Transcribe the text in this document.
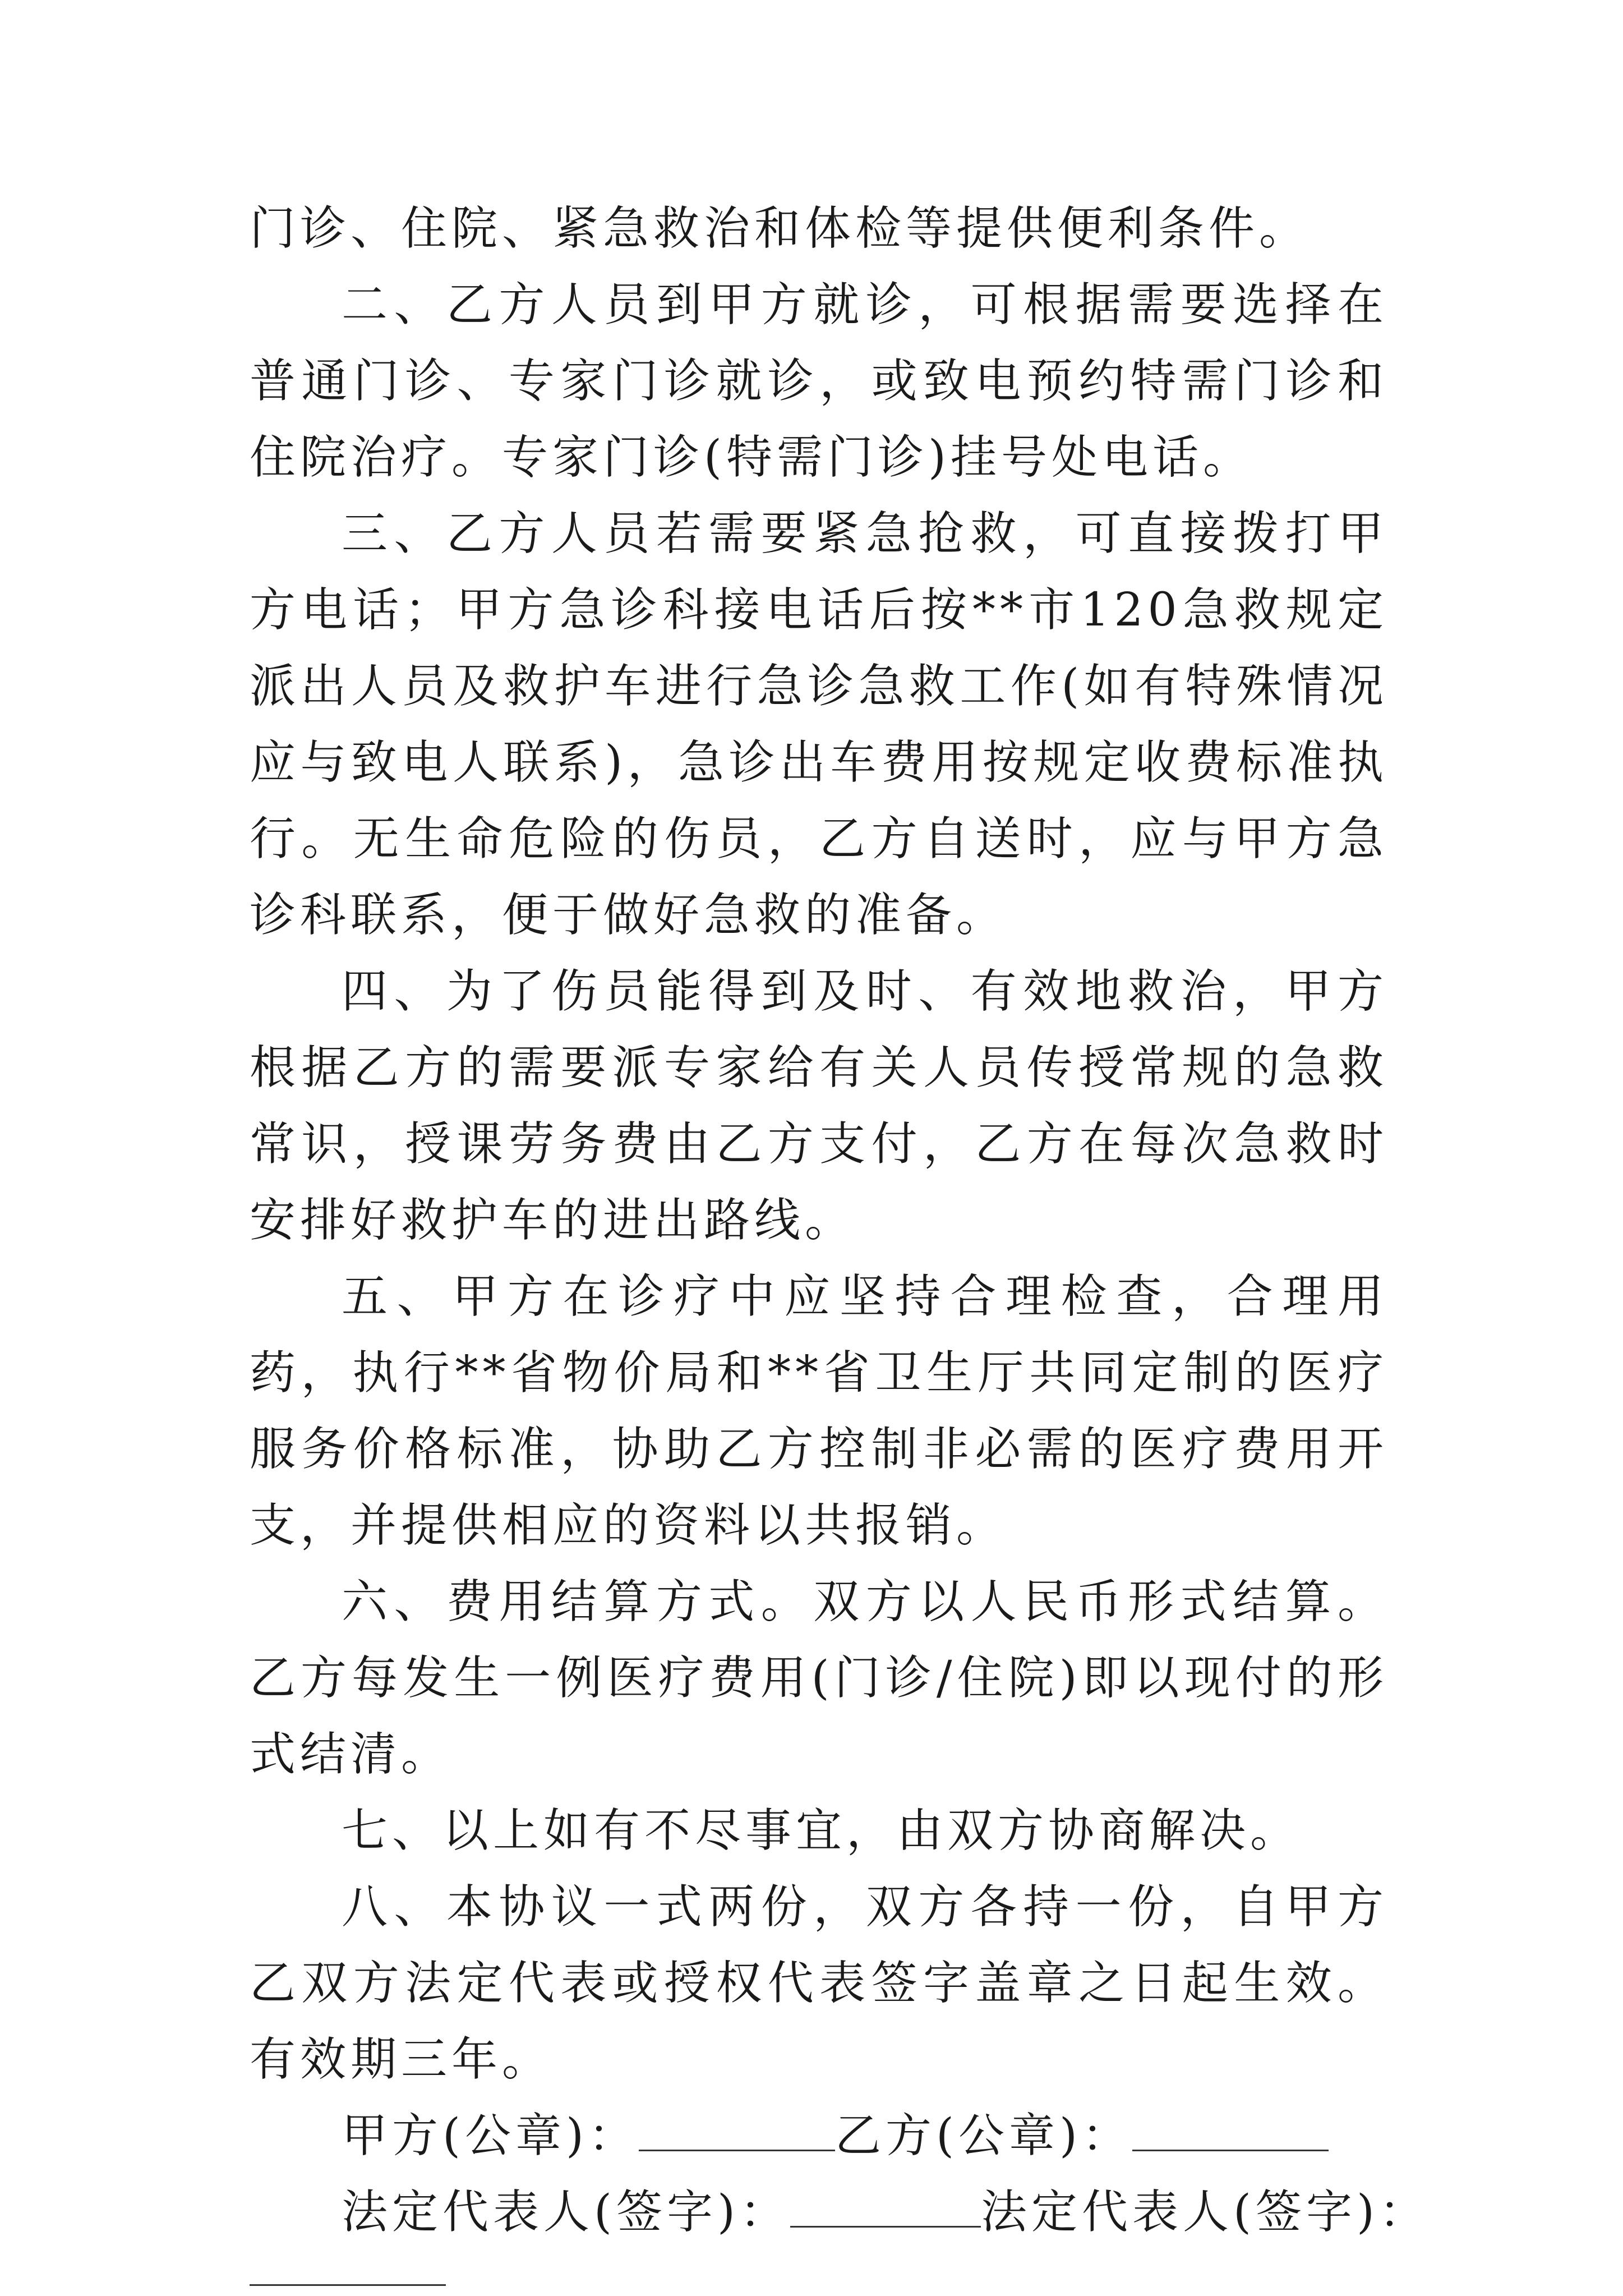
门诊、住院、紧急救治和体检等提供便利条件。

二、乙方人员到甲方就诊，可根据需要选择在普通门诊、专家门诊就诊，或致电预约特需门诊和住院治疗。专家门诊(特需门诊)挂号处电话。

三、乙方人员若需要紧急抢救，可直接拨打甲方电话；甲方急诊科接电话后按**市120急救规定派出人员及救护车进行急诊急救工作(如有特殊情况应与致电人联系)，急诊出车费用按规定收费标准执行。无生命危险的伤员，乙方自送时，应与甲方急诊科联系，便于做好急救的准备。

四、为了伤员能得到及时、有效地救治，甲方根据乙方的需要派专家给有关人员传授常规的急救常识，授课劳务费由乙方支付，乙方在每次急救时安排好救护车的进出路线。

五、甲方在诊疗中应坚持合理检查，合理用药，执行**省物价局和**省卫生厅共同定制的医疗服务价格标准，协助乙方控制非必需的医疗费用开支，并提供相应的资料以共报销。

六、费用结算方式。双方以人民币形式结算。乙方每发生一例医疗费用(门诊/住院)即以现付的形式结清。

七、以上如有不尽事宜，由双方协商解决。

八、本协议一式两份，双方各持一份，自甲方乙双方法定代表或授权代表签字盖章之日起生效。有效期三年。

甲方(公章)：	乙方(公章)：
法定代表人(签字)：	法定代表人(签字)：
